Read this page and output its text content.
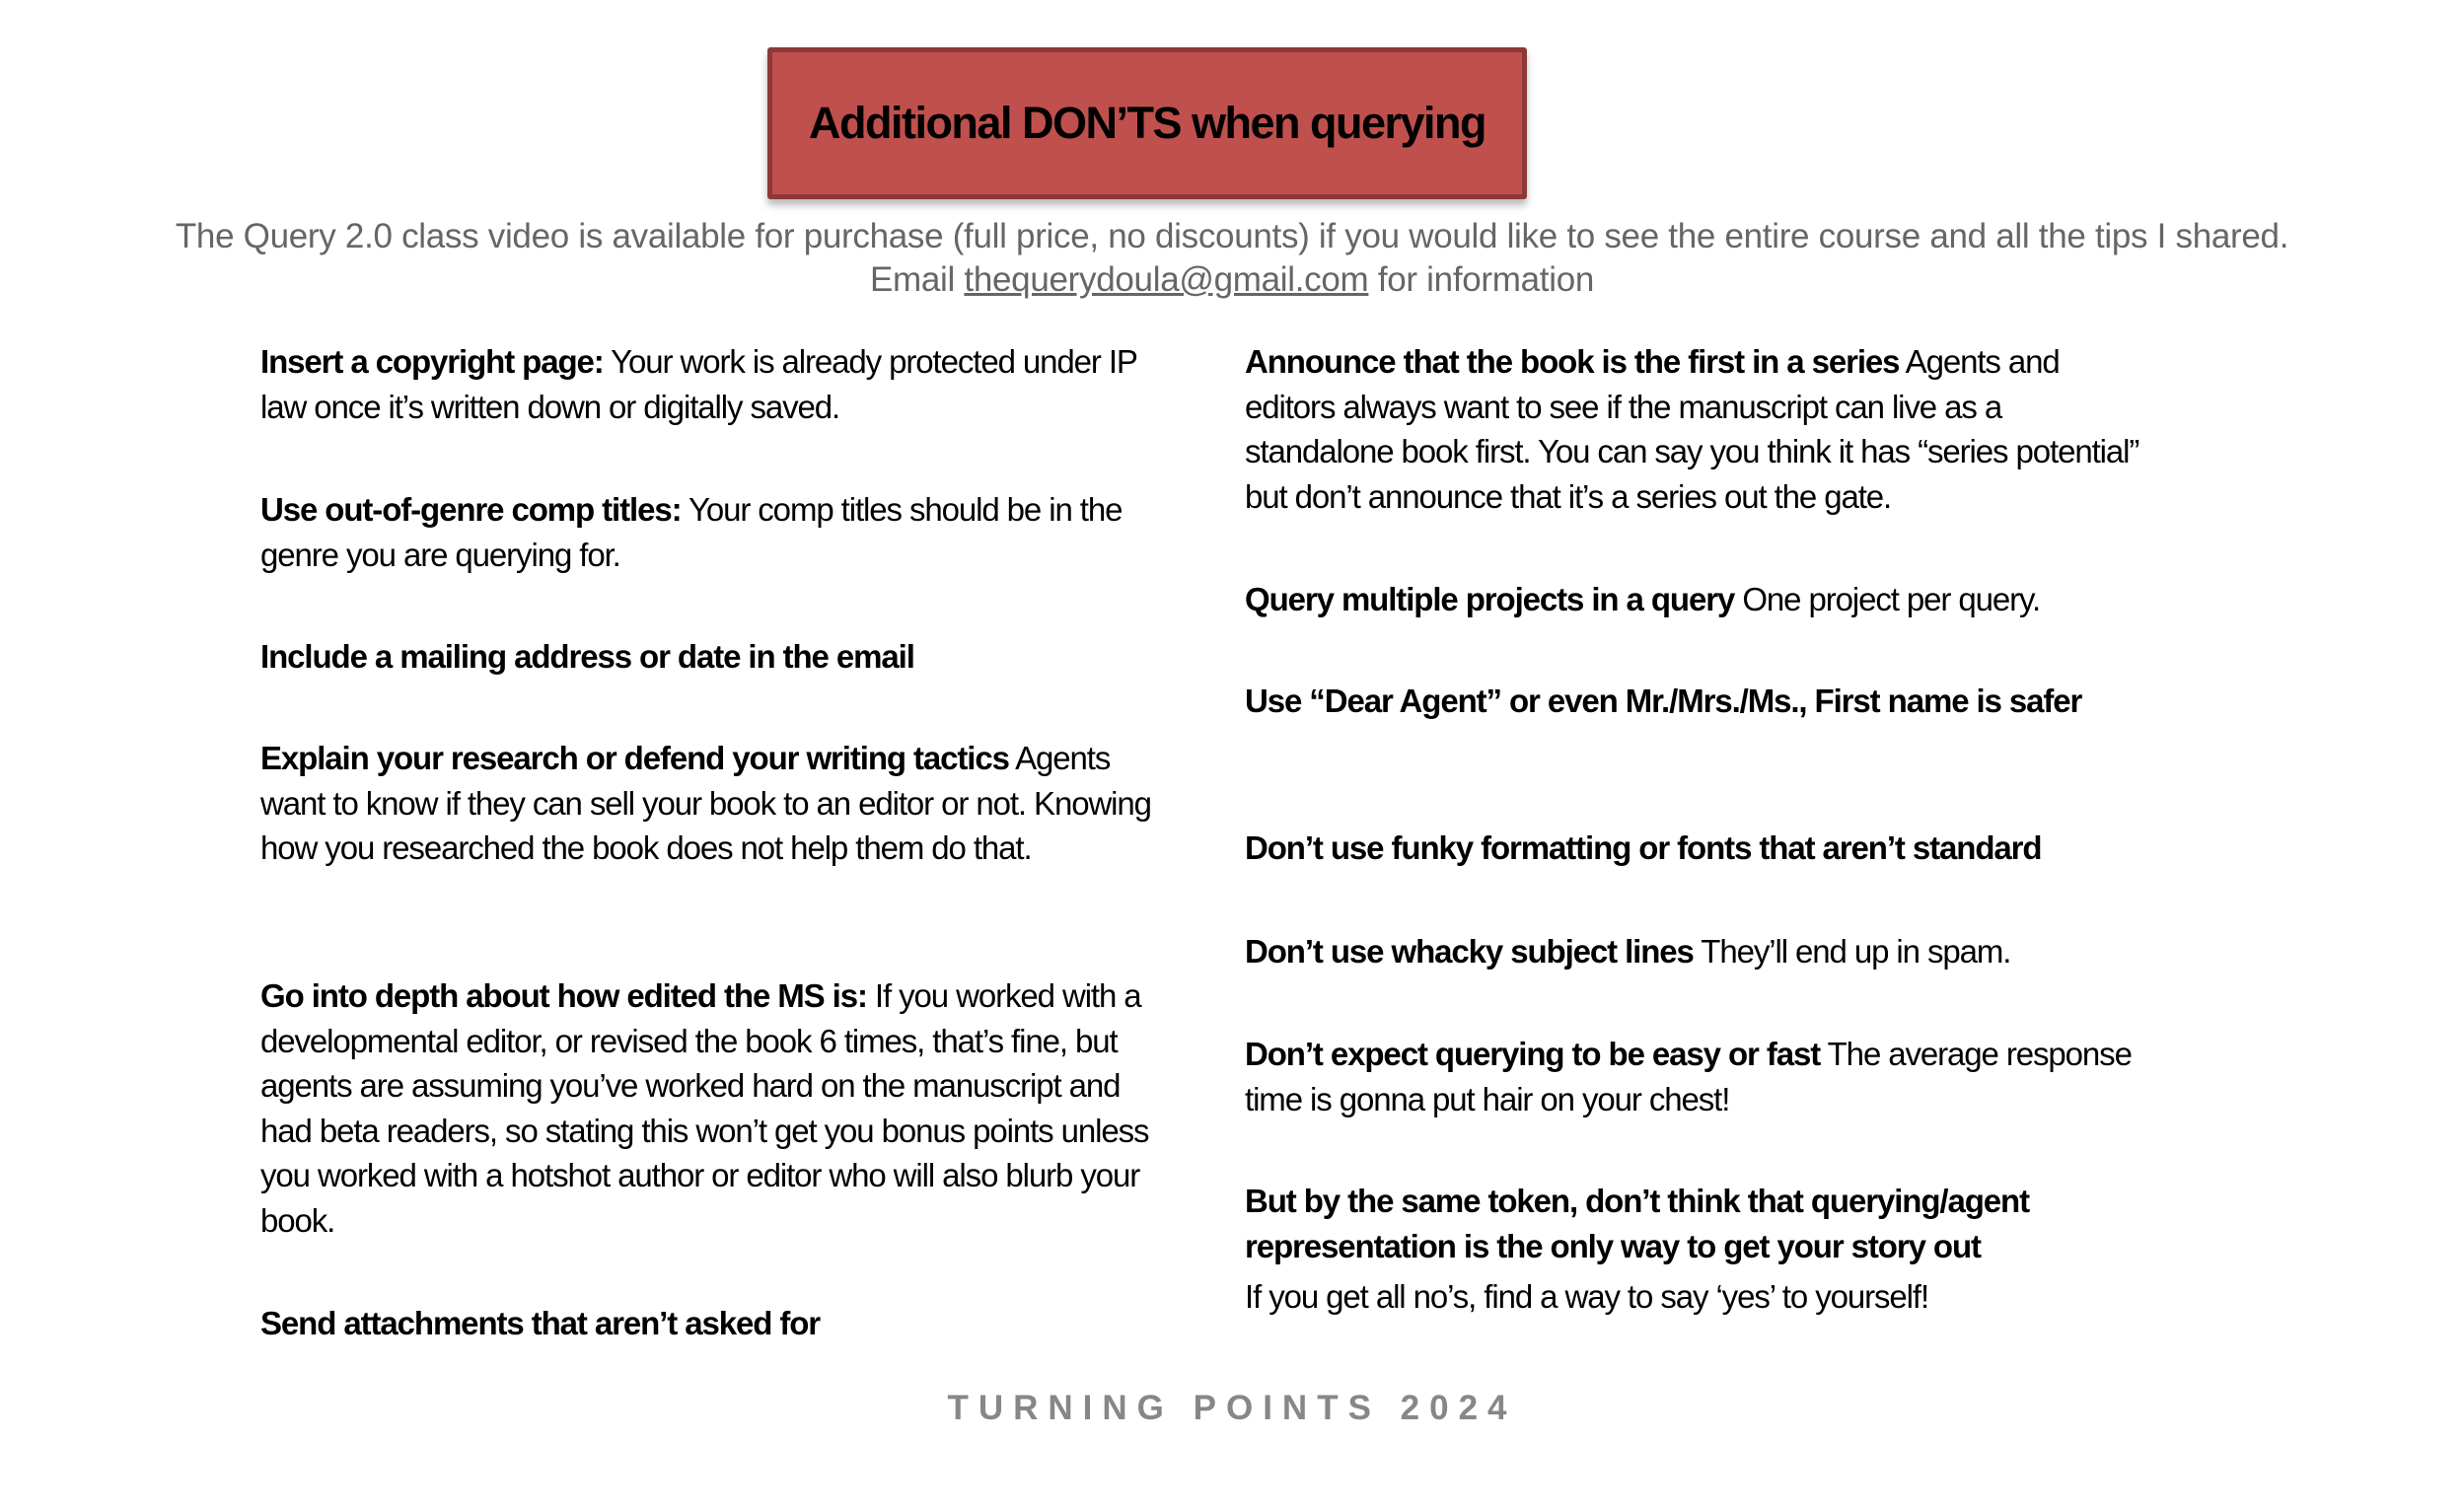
Additional DON’TS when querying
The Query 2.0 class video is available for purchase (full price, no discounts) if you would like to see the entire course and all the tips I shared.
Email thequerydoula@gmail.com for information
Insert a copyright page: Your work is already protected under IP law once it’s written down or digitally saved.
Use out-of-genre comp titles: Your comp titles should be in the genre you are querying for.
Include a mailing address or date in the email
Explain your research or defend your writing tactics Agents want to know if they can sell your book to an editor or not. Knowing how you researched the book does not help them do that.
Go into depth about how edited the MS is: If you worked with a developmental editor, or revised the book 6 times, that’s fine, but agents are assuming you’ve worked hard on the manuscript and had beta readers, so stating this won’t get you bonus points unless you worked with a hotshot author or editor who will also blurb your book.
Send attachments that aren’t asked for
Announce that the book is the first in a series Agents and editors always want to see if the manuscript can live as a standalone book first. You can say you think it has “series potential” but don’t announce that it’s a series out the gate.
Query multiple projects in a query One project per query.
Use “Dear Agent” or even Mr./Mrs./Ms., First name is safer
Don’t use funky formatting or fonts that aren’t standard
Don’t use whacky subject lines They’ll end up in spam.
Don’t expect querying to be easy or fast The average response time is gonna put hair on your chest!
But by the same token, don’t think that querying/agent representation is the only way to get your story out
If you get all no’s, find a way to say ‘yes’ to yourself!
TURNING POINTS 2024
